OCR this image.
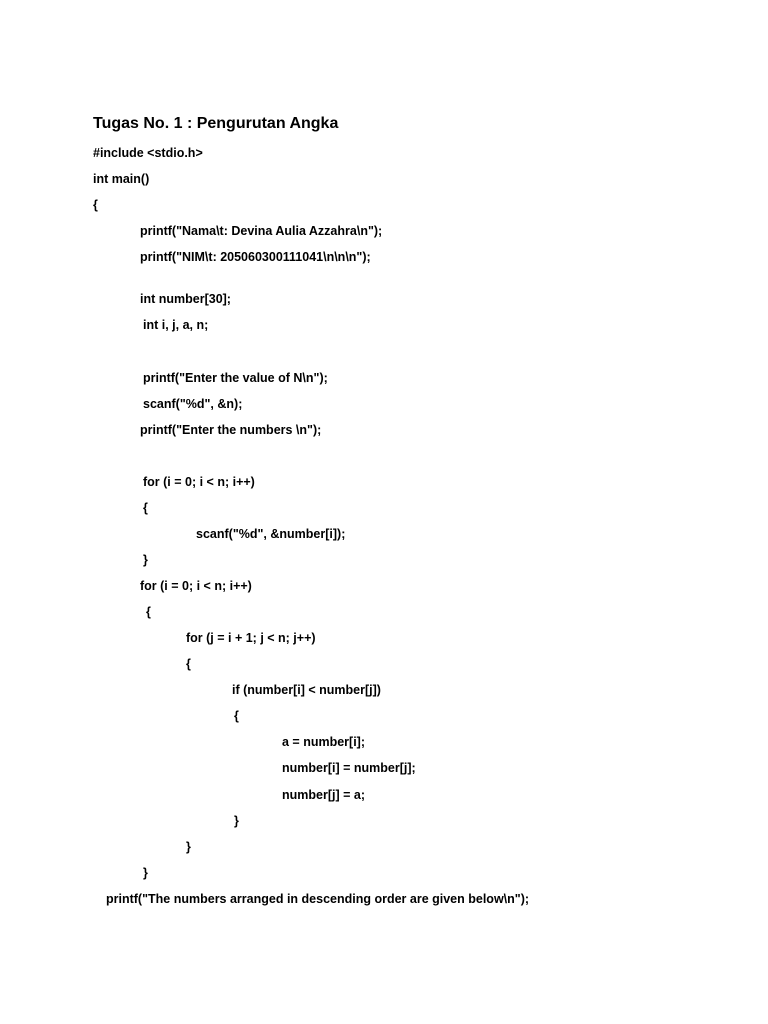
Tugas No. 1 : Pengurutan Angka
#include <stdio.h>
int main()
{
printf("Nama\t: Devina Aulia Azzahra\n");
printf("NIM\t: 205060300111041\n\n\n");
int number[30];
int i, j, a, n;
printf("Enter the value of N\n");
scanf("%d", &n);
printf("Enter the numbers \n");
for (i = 0; i < n; i++)
{
scanf("%d", &number[i]);
}
for (i = 0; i < n; i++)
{
for (j = i + 1; j < n; j++)
{
if (number[i] < number[j])
{
a = number[i];
number[i] = number[j];
number[j] = a;
}
}
}
printf("The numbers arranged in descending order are given below\n");
